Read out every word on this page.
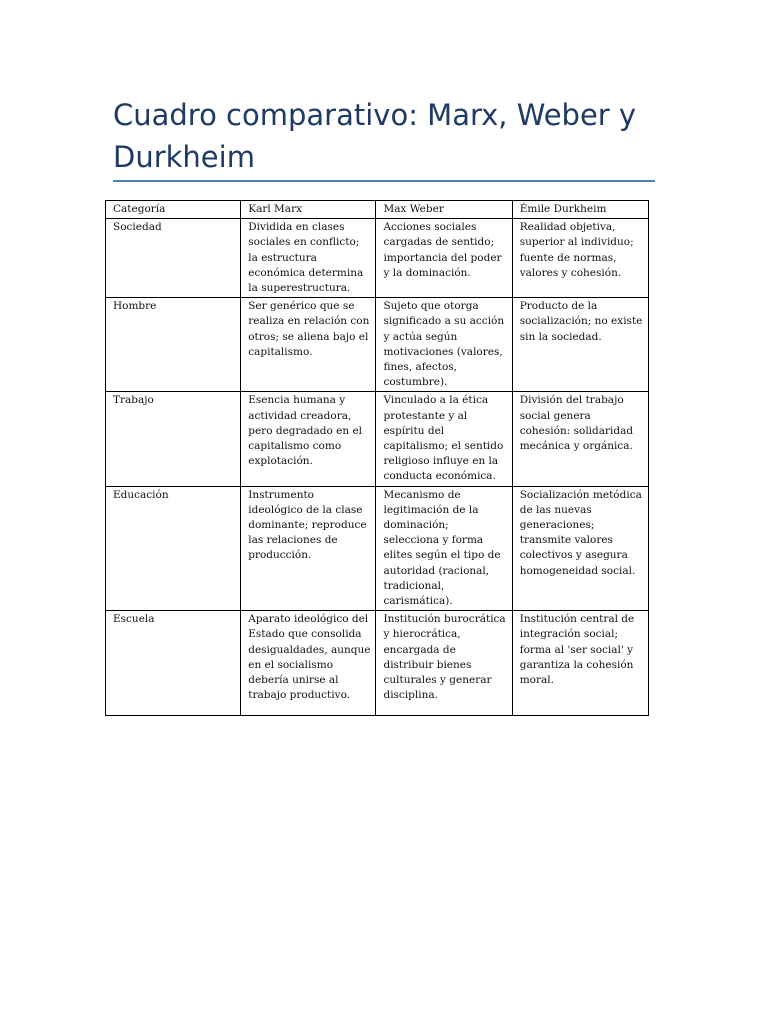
Cuadro comparativo: Marx, Weber y Durkheim
Categoría	Karl Marx	Max Weber	Émile Durkheim
Sociedad	Dividida en clases sociales en conflicto; la estructura económica determina la superestructura.	Acciones sociales cargadas de sentido; importancia del poder y la dominación.	Realidad objetiva, superior al individuo; fuente de normas, valores y cohesión.
Hombre	Ser genérico que se realiza en relación con otros; se aliena bajo el capitalismo.	Sujeto que otorga significado a su acción y actúa según motivaciones (valores, fines, afectos, costumbre).	Producto de la socialización; no existe sin la sociedad.
Trabajo	Esencia humana y actividad creadora, pero degradado en el capitalismo como explotación.	Vinculado a la ética protestante y al espíritu del capitalismo; el sentido religioso influye en la conducta económica.	División del trabajo social genera cohesión: solidaridad mecánica y orgánica.
Educación	Instrumento ideológico de la clase dominante; reproduce las relaciones de producción.	Mecanismo de legitimación de la dominación; selecciona y forma elites según el tipo de autoridad (racional, tradicional, carismática).	Socialización metódica de las nuevas generaciones; transmite valores colectivos y asegura homogeneidad social.
Escuela	Aparato ideológico del Estado que consolida desigualdades, aunque en el socialismo debería unirse al trabajo productivo.	Institución burocrática y hierocrática, encargada de distribuir bienes culturales y generar disciplina.	Institución central de integración social; forma al 'ser social' y garantiza la cohesión moral.
